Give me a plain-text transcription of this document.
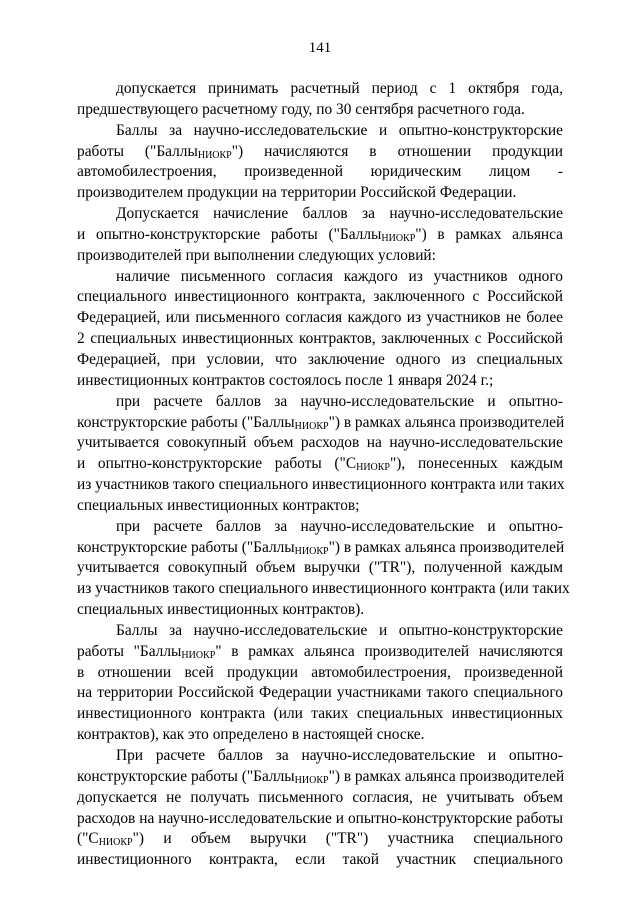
141
допускается принимать расчетный период с 1 октября года,
предшествующего расчетному году, по 30 сентября расчетного года.
Баллы за научно-исследовательские и опытно-конструкторские
работы ("Баллы$_{НИОКР}$") начисляются в отношении продукции
автомобилестроения, произведенной юридическим лицом -
производителем продукции на территории Российской Федерации.
Допускается начисление баллов за научно-исследовательские
и опытно-конструкторские работы ("Баллы$_{НИОКР}$") в рамках альянса
производителей при выполнении следующих условий:
наличие письменного согласия каждого из участников одного
специального инвестиционного контракта, заключенного с Российской
Федерацией, или письменного согласия каждого из участников не более
2 специальных инвестиционных контрактов, заключенных с Российской
Федерацией, при условии, что заключение одного из специальных
инвестиционных контрактов состоялось после 1 января 2024 г.;
при расчете баллов за научно-исследовательские и опытно-
конструкторские работы ("Баллы$_{НИОКР}$") в рамках альянса производителей
учитывается совокупный объем расходов на научно-исследовательские
и опытно-конструкторские работы $("С_{НИОКР}")$, понесенных каждым
из участников такого специального инвестиционного контракта или таких
специальных инвестиционных контрактов;
при расчете баллов за научно-исследовательские и опытно-
конструкторские работы ("Баллы$_{НИОКР}$") в рамках альянса производителей
учитывается совокупный объем выручки ("TR"), полученной каждым
из участников такого специального инвестиционного контракта (или таких
специальных инвестиционных контрактов).
Баллы за научно-исследовательские и опытно-конструкторские
работы "Баллы$_{НИОКР}$" в рамках альянса производителей начисляются
в отношении всей продукции автомобилестроения, произведенной
на территории Российской Федерации участниками такого специального
инвестиционного контракта (или таких специальных инвестиционных
контрактов), как это определено в настоящей сноске.
При расчете баллов за научно-исследовательские и опытно-
конструкторские работы ("Баллы$_{НИОКР}$") в рамках альянса производителей
допускается не получать письменного согласия, не учитывать объем
расходов на научно-исследовательские и опытно-конструкторские работы
$("С_{НИОКР}")$ и объем выручки ("TR") участника специального
инвестиционного контракта, если такой участник специального
